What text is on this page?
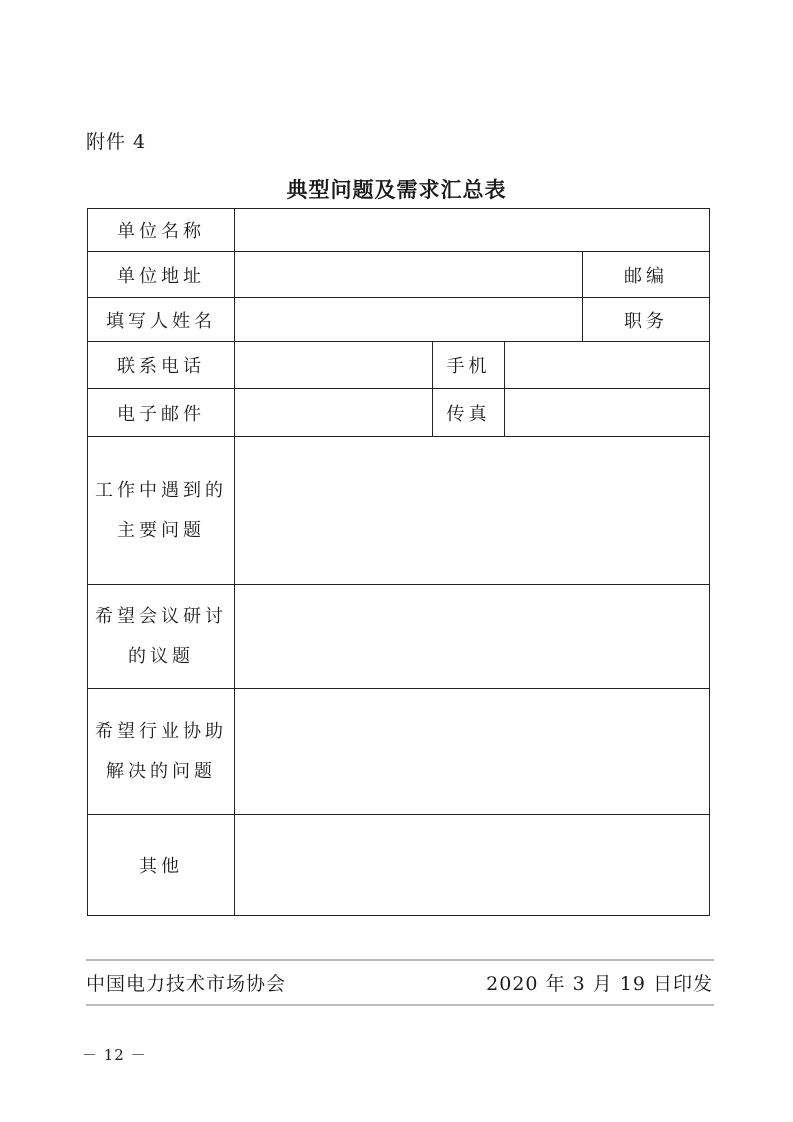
附件 4
典型问题及需求汇总表
单位名称				
单位地址				邮编
填写人姓名				职务
联系电话		手机		
电子邮件		传真		

工作中遇到的
主要问题				

希望会议研讨
的议题				

希望行业协助
解决的问题				

其他				
中国电力技术市场协会	2020 年 3 月 19 日印发
－ 12 －
